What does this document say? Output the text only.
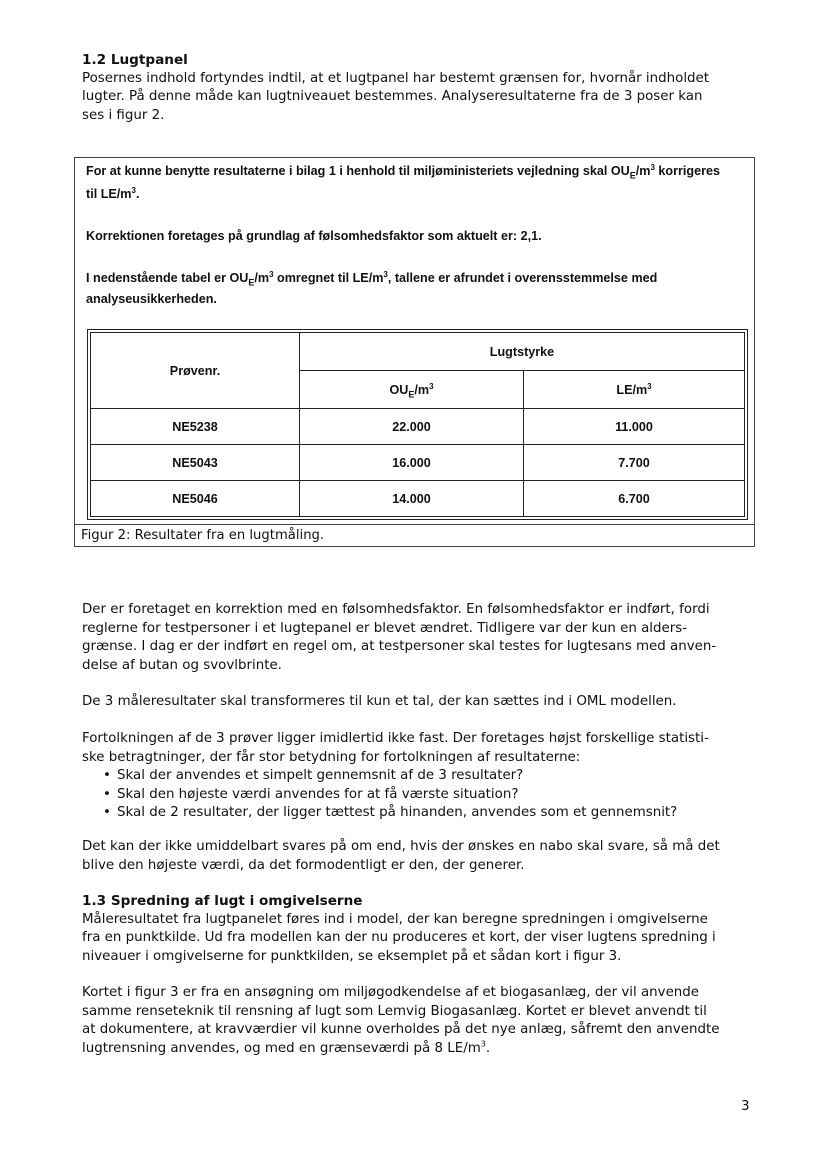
1.2 Lugtpanel

Posernes indhold fortyndes indtil, at et lugtpanel har bestemt grænsen for, hvornår indholdet

lugter. På denne måde kan lugtniveauet bestemmes. Analyseresultaterne fra de 3 poser kan

ses i figur 2.

For at kunne benytte resultaterne i bilag 1 i henhold til miljøministeriets vejledning skal $OU_E/m^3$ korrigeres

til $LE/m^3$.

Korrektionen foretages på grundlag af følsomhedsfaktor som aktuelt er: 2,1.

I nedenstående tabel er $OU_E/m^3$ omregnet til $LE/m^3$, tallene er afrundet i overensstemmelse med

analyseusikkerheden.

Prøvenr.	Lugtstyrke	
	$OU_E/m^3$	$LE/m^3$
NE5238	22.000	11.000
NE5043	16.000	7.700
NE5046	14.000	6.700
Figur 2: Resultater fra en lugtmåling.

Der er foretaget en korrektion med en følsomhedsfaktor. En følsomhedsfaktor er indført, fordi

reglerne for testpersoner i et lugtepanel er blevet ændret. Tidligere var der kun en alders-

grænse. I dag er der indført en regel om, at testpersoner skal testes for lugtesans med anven-

delse af butan og svovlbrinte.

De 3 måleresultater skal transformeres til kun et tal, der kan sættes ind i OML modellen.

Fortolkningen af de 3 prøver ligger imidlertid ikke fast. Der foretages højst forskellige statisti-

ske betragtninger, der får stor betydning for fortolkningen af resultaterne:

• Skal der anvendes et simpelt gennemsnit af de 3 resultater?
• Skal den højeste værdi anvendes for at få værste situation?
• Skal de 2 resultater, der ligger tættest på hinanden, anvendes som et gennemsnit?

Det kan der ikke umiddelbart svares på om end, hvis der ønskes en nabo skal svare, så må det

blive den højeste værdi, da det formodentligt er den, der generer.

1.3 Spredning af lugt i omgivelserne

Måleresultatet fra lugtpanelet føres ind i model, der kan beregne spredningen i omgivelserne

fra en punktkilde. Ud fra modellen kan der nu produceres et kort, der viser lugtens spredning i

niveauer i omgivelserne for punktkilden, se eksemplet på et sådan kort i figur 3.

Kortet i figur 3 er fra en ansøgning om miljøgodkendelse af et biogasanlæg, der vil anvende

samme renseteknik til rensning af lugt som Lemvig Biogasanlæg. Kortet er blevet anvendt til

at dokumentere, at kravværdier vil kunne overholdes på det nye anlæg, såfremt den anvendte

lugtrensning anvendes, og med en grænseværdi på 8 $LE/m^3$.

3
